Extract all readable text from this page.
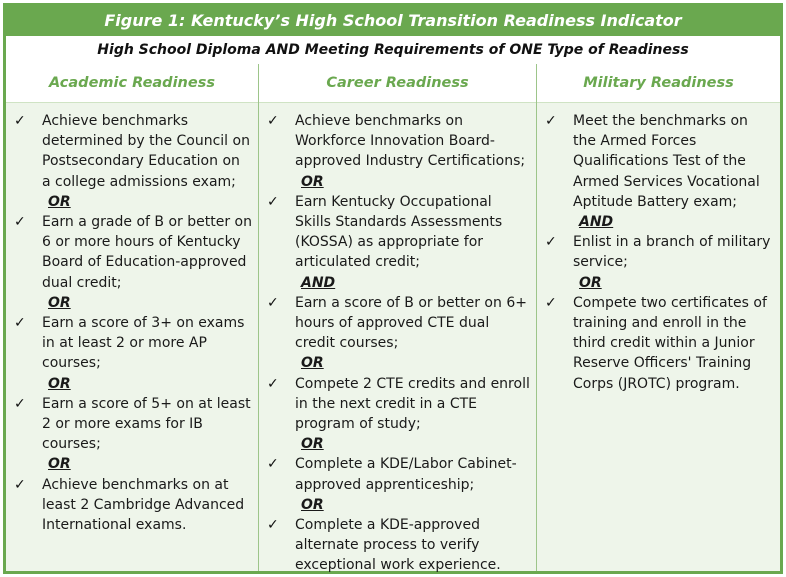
Figure 1: Kentucky’s High School Transition Readiness Indicator
High School Diploma AND Meeting Requirements of ONE Type of Readiness
Academic Readiness
✓	Achieve benchmarks determined by the Council on Postsecondary Education on a college admissions exam;
OR
✓	Earn a grade of B or better on 6 or more hours of Kentucky Board of Education-approved dual credit;
OR
✓	Earn a score of 3+ on exams in at least 2 or more AP courses;
OR
✓	Earn a score of 5+ on at least 2 or more exams for IB courses;
OR
✓	Achieve benchmarks on at least 2 Cambridge Advanced International exams.
Career Readiness
✓	Achieve benchmarks on Workforce Innovation Board-approved Industry Certifications;
OR
✓	Earn Kentucky Occupational Skills Standards Assessments (KOSSA) as appropriate for articulated credit;
AND
✓	Earn a score of B or better on 6+ hours of approved CTE dual credit courses;
OR
✓	Compete 2 CTE credits and enroll in the next credit in a CTE program of study;
OR
✓	Complete a KDE/Labor Cabinet-approved apprenticeship;
OR
✓	Complete a KDE-approved alternate process to verify exceptional work experience.
Military Readiness
✓	Meet the benchmarks on the Armed Forces Qualifications Test of the Armed Services Vocational Aptitude Battery exam;
AND
✓	Enlist in a branch of military service;
OR
✓	Compete two certificates of training and enroll in the third credit within a Junior Reserve Officers' Training Corps (JROTC) program.
